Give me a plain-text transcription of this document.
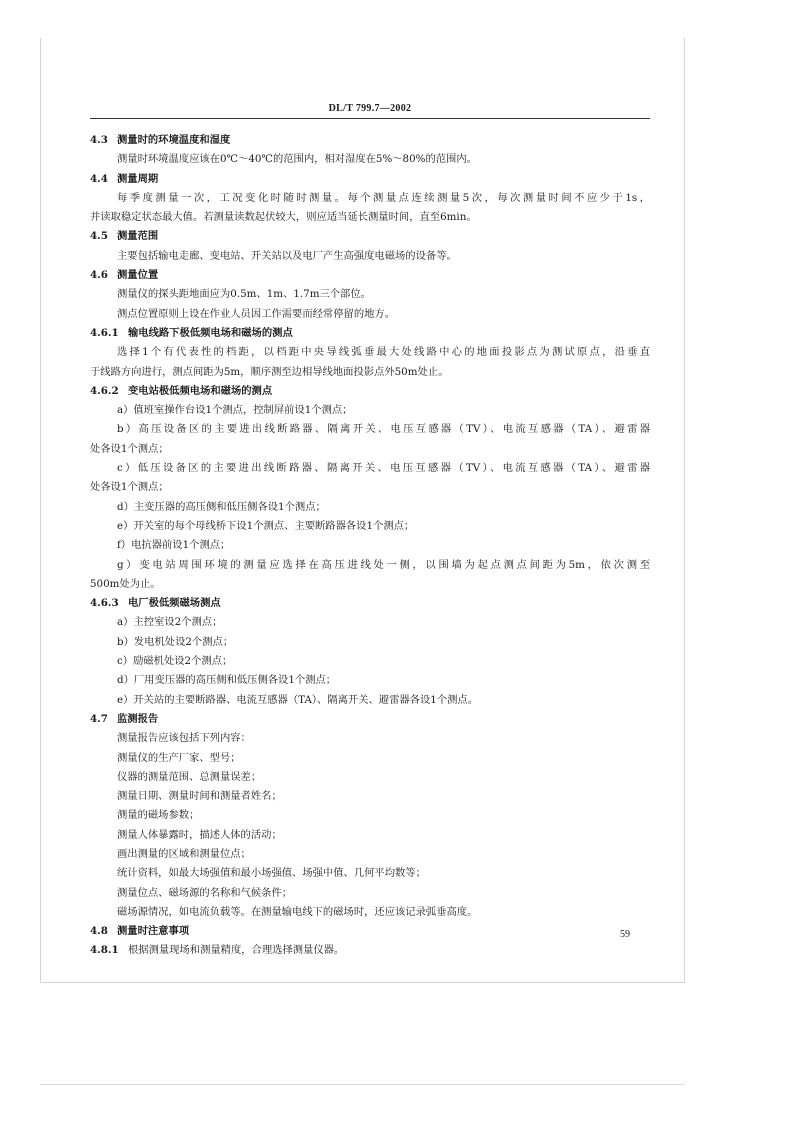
DL/T 799.7—2002
4.3 测量时的环境温度和湿度
测量时环境温度应该在0℃～40℃的范围内，相对湿度在5%～80%的范围内。
4.4 测量周期
每季度测量一次，工况变化时随时测量。每个测量点连续测量5次，每次测量时间不应少于1s，
并读取稳定状态最大值。若测量读数起伏较大，则应适当延长测量时间，直至6min。
4.5 测量范围
主要包括输电走廊、变电站、开关站以及电厂产生高强度电磁场的设备等。
4.6 测量位置
测量仪的探头距地面应为0.5m、1m、1.7m三个部位。
测点位置原则上设在作业人员因工作需要而经常停留的地方。
4.6.1 输电线路下极低频电场和磁场的测点
选择1个有代表性的档距，以档距中央导线弧垂最大处线路中心的地面投影点为测试原点，沿垂直
于线路方向进行，测点间距为5m，顺序测至边相导线地面投影点外50m处止。
4.6.2 变电站极低频电场和磁场的测点
a）值班室操作台设1个测点，控制屏前设1个测点；
b）高压设备区的主要进出线断路器、隔离开关、电压互感器（TV）、电流互感器（TA）、避雷器
处各设1个测点；
c）低压设备区的主要进出线断路器、隔离开关、电压互感器（TV）、电流互感器（TA）、避雷器
处各设1个测点；
d）主变压器的高压侧和低压侧各设1个测点；
e）开关室的每个母线桥下设1个测点、主要断路器各设1个测点；
f）电抗器前设1个测点；
g）变电站周围环境的测量应选择在高压进线处一侧，以围墙为起点测点间距为5m，依次测至
500m处为止。
4.6.3 电厂极低频磁场测点
a）主控室设2个测点；
b）发电机处设2个测点；
c）励磁机处设2个测点；
d）厂用变压器的高压侧和低压侧各设1个测点；
e）开关站的主要断路器、电流互感器（TA）、隔离开关、避雷器各设1个测点。
4.7 监测报告
测量报告应该包括下列内容：
测量仪的生产厂家、型号；
仪器的测量范围、总测量误差；
测量日期、测量时间和测量者姓名；
测量的磁场参数；
测量人体暴露时，描述人体的活动；
画出测量的区域和测量位点；
统计资料，如最大场强值和最小场强值、场强中值、几何平均数等；
测量位点、磁场源的名称和气候条件；
磁场源情况，如电流负载等。在测量输电线下的磁场时，还应该记录弧垂高度。
4.8 测量时注意事项
4.8.1 根据测量现场和测量精度，合理选择测量仪器。
59
